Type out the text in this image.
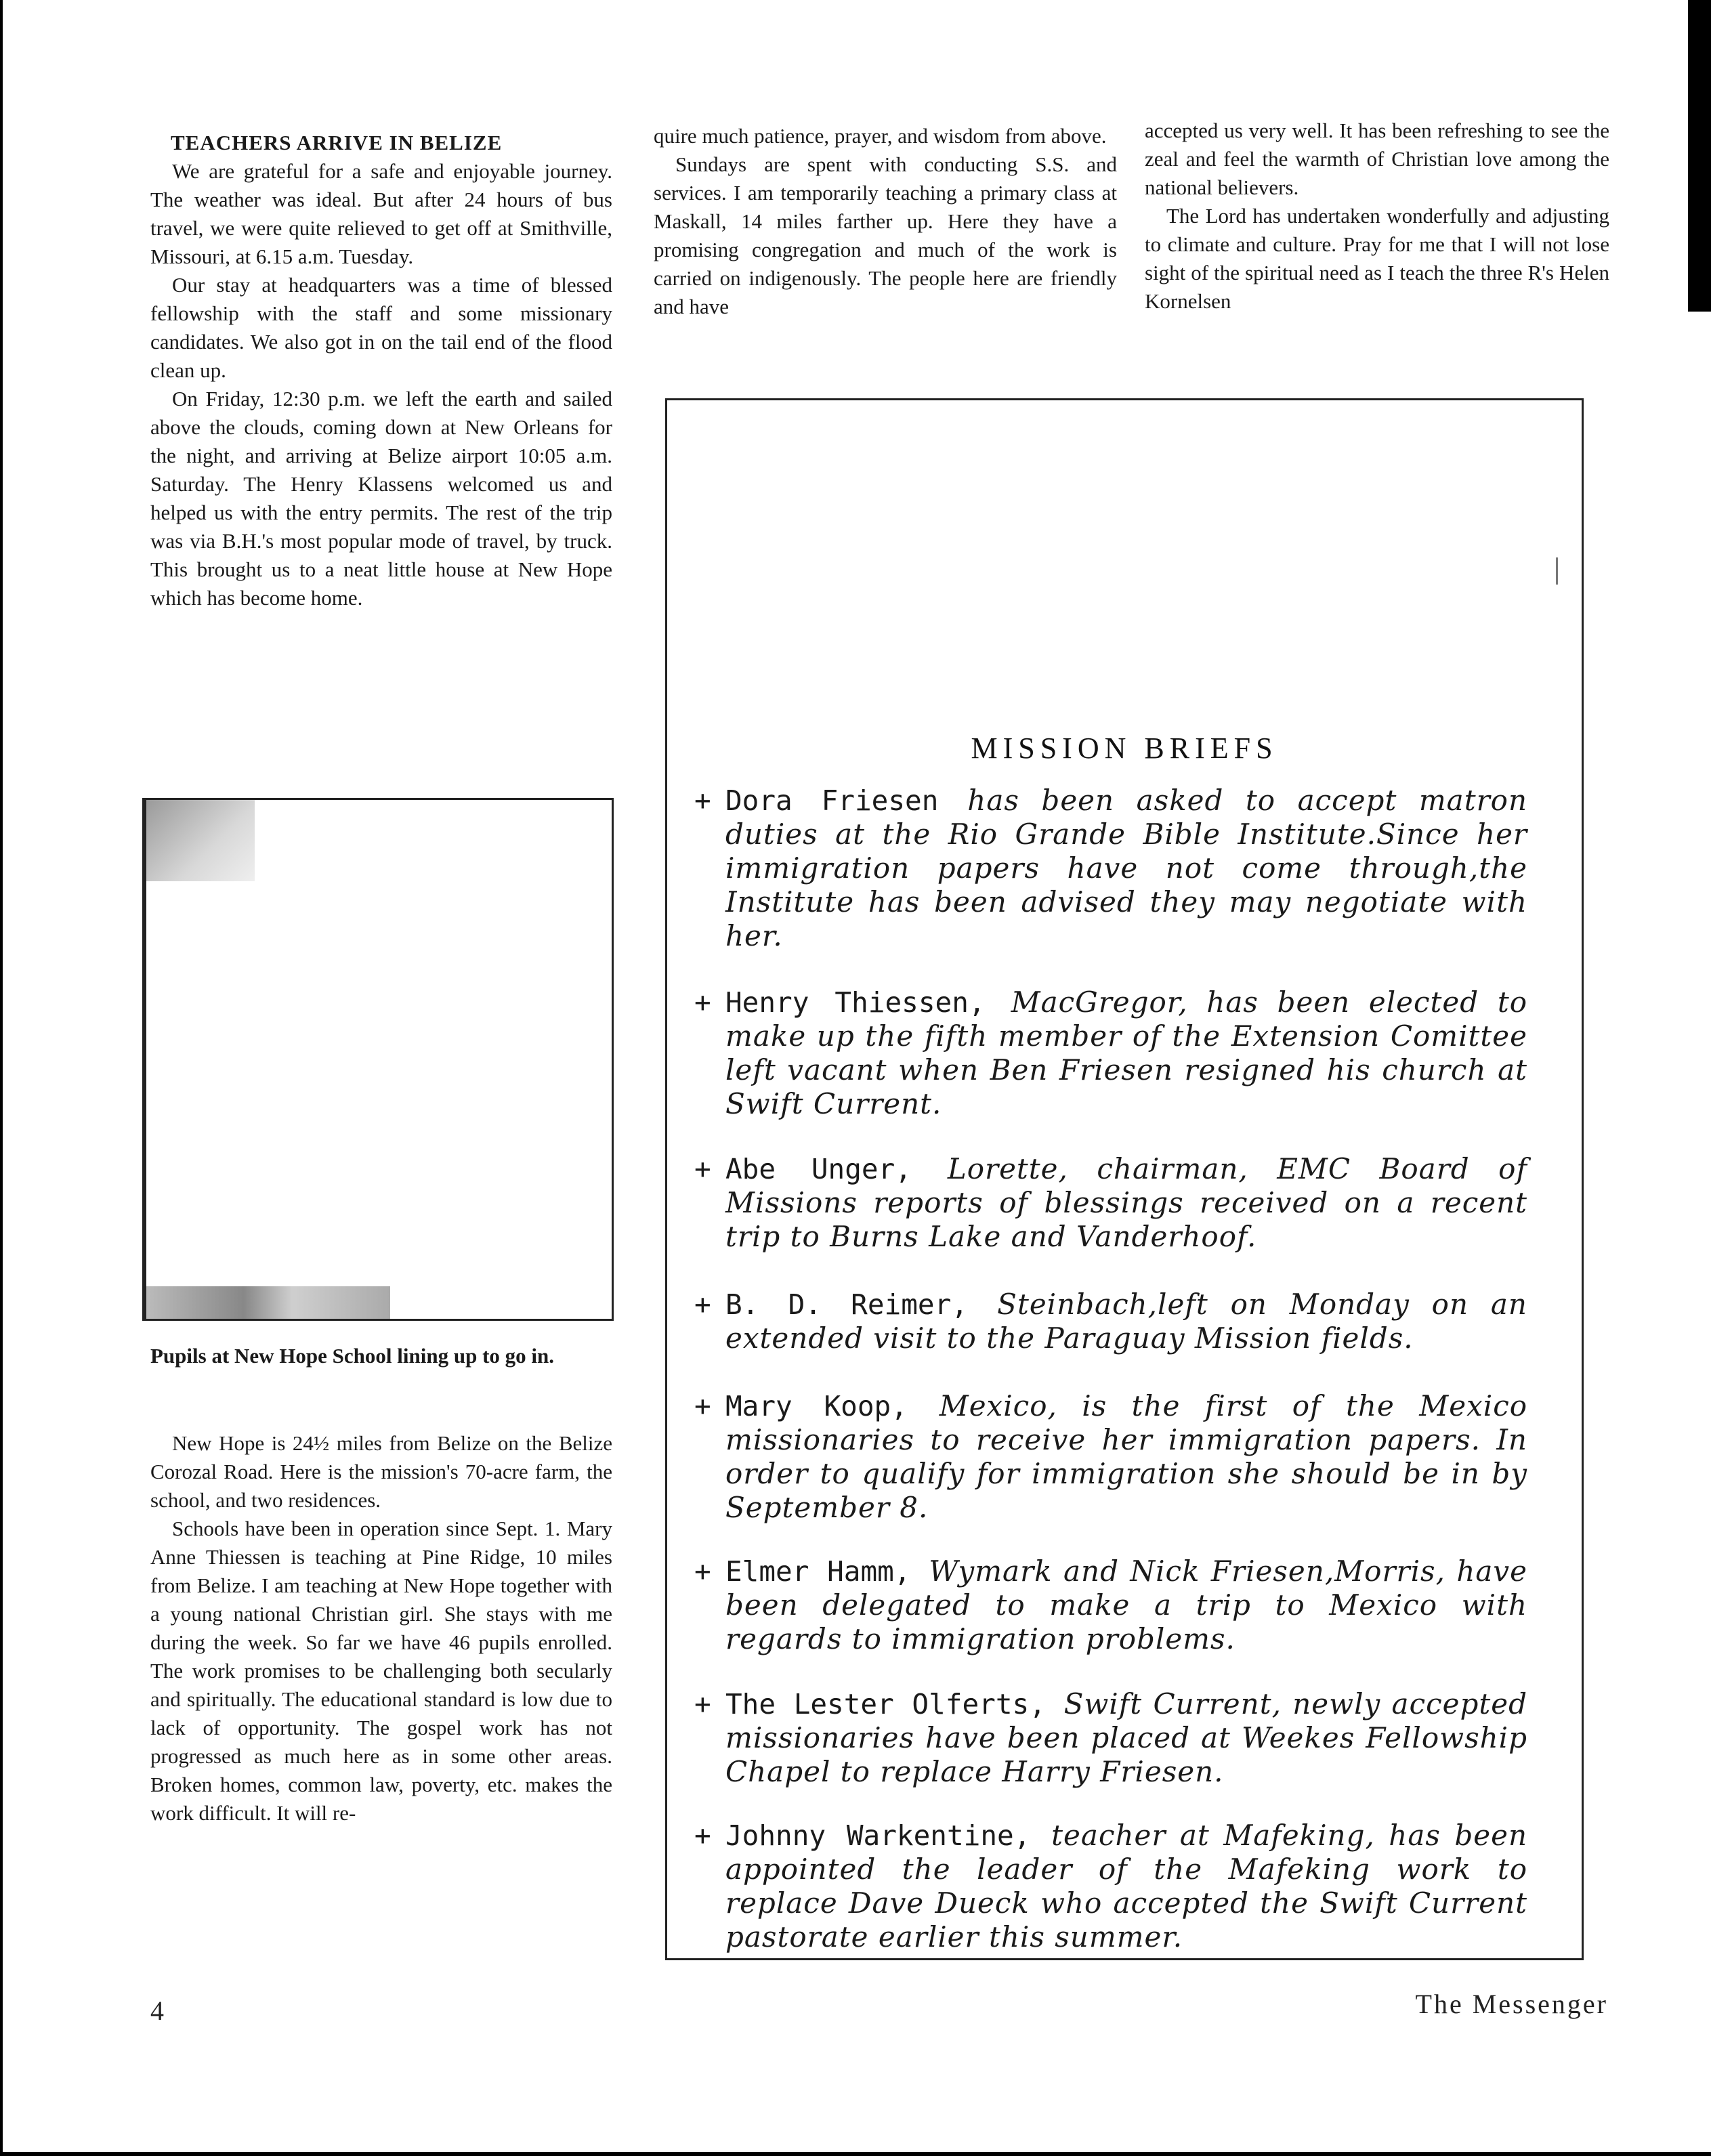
TEACHERS ARRIVE IN BELIZE

We are grateful for a safe and enjoyable journey. The weather was ideal. But after 24 hours of bus travel, we were quite relieved to get off at Smithville, Missouri, at 6.15 a.m. Tuesday.

Our stay at headquarters was a time of blessed fellowship with the staff and some missionary candidates. We also got in on the tail end of the flood clean up.

On Friday, 12:30 p.m. we left the earth and sailed above the clouds, coming down at New Orleans for the night, and arriving at Belize airport 10:05 a.m. Saturday. The Henry Klassens welcomed us and helped us with the entry permits. The rest of the trip was via B.H.'s most popular mode of travel, by truck. This brought us to a neat little house at New Hope which has become home.

Pupils at New Hope School lining up to go in.

New Hope is 24½ miles from Belize on the Belize Corozal Road. Here is the mission's 70-acre farm, the school, and two residences.

Schools have been in operation since Sept. 1. Mary Anne Thiessen is teaching at Pine Ridge, 10 miles from Belize. I am teaching at New Hope together with a young national Christian girl. She stays with me during the week. So far we have 46 pupils enrolled. The work promises to be challenging both secularly and spiritually. The educational standard is low due to lack of opportunity. The gospel work has not progressed as much here as in some other areas. Broken homes, common law, poverty, etc. makes the work difficult. It will re-

quire much patience, prayer, and wisdom from above.

Sundays are spent with conducting S.S. and services. I am temporarily teaching a primary class at Maskall, 14 miles farther up. Here they have a promising congregation and much of the work is carried on indigenously. The people here are friendly and have

accepted us very well. It has been refreshing to see the zeal and feel the warmth of Christian love among the national believers.

The Lord has undertaken wonderfully and adjusting to climate and culture. Pray for me that I will not lose sight of the spiritual need as I teach the three R's Helen Kornelsen

MISSION BRIEFS
+ Dora Friesen has been asked to accept matron duties at the Rio Grande Bible Institute.Since her immigration papers have not come through,the Institute has been advised they may negotiate with her.
+ Henry Thiessen, MacGregor, has been elected to make up the fifth member of the Extension Comittee left vacant when Ben Friesen resigned his church at Swift Current.
+ Abe Unger, Lorette, chairman, EMC Board of Missions reports of blessings received on a recent trip to Burns Lake and Vanderhoof.
+ B. D. Reimer, Steinbach,left on Monday on an extended visit to the Paraguay Mission fields.
+ Mary Koop, Mexico, is the first of the Mexico missionaries to receive her immigration papers. In order to qualify for immigration she should be in by September 8.
+ Elmer Hamm, Wymark and Nick Friesen,Morris, have been delegated to make a trip to Mexico with regards to immigration problems.
+ The Lester Olferts, Swift Current, newly accepted missionaries have been placed at Weekes Fellowship Chapel to replace Harry Friesen.
+ Johnny Warkentine, teacher at Mafeking, has been appointed the leader of the Mafeking work to replace Dave Dueck who accepted the Swift Current pastorate earlier this summer.
4	The Messenger
